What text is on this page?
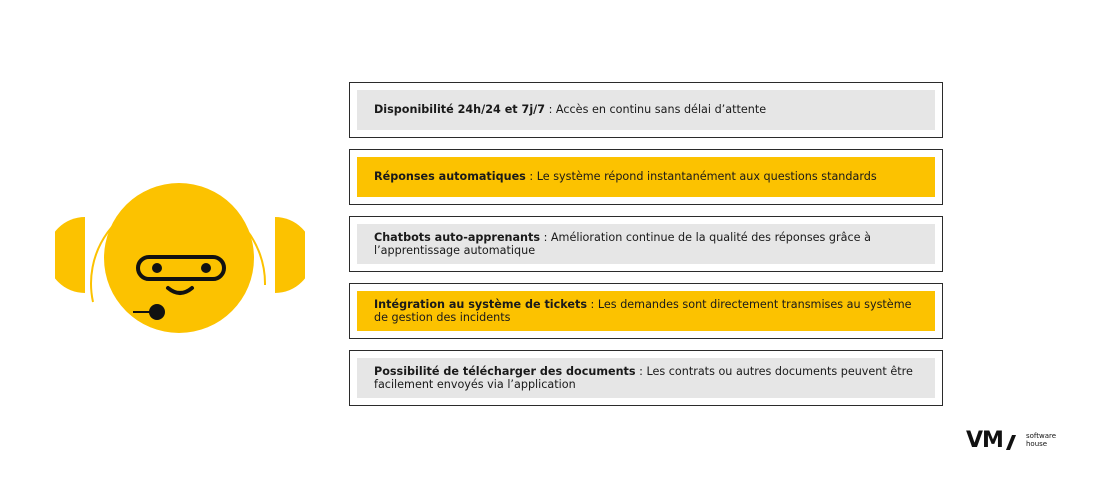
Disponibilité 24h/24 et 7j/7 : Accès en continu sans délai d’attente
Réponses automatiques : Le système répond instantanément aux questions standards
Chatbots auto-apprenants : Amélioration continue de la qualité des réponses grâce à l’apprentissage automatique
Intégration au système de tickets : Les demandes sont directement transmises au système de gestion des incidents
Possibilité de télécharger des documents : Les contrats ou autres documents peuvent être facilement envoyés via l’application
VM	software
house
